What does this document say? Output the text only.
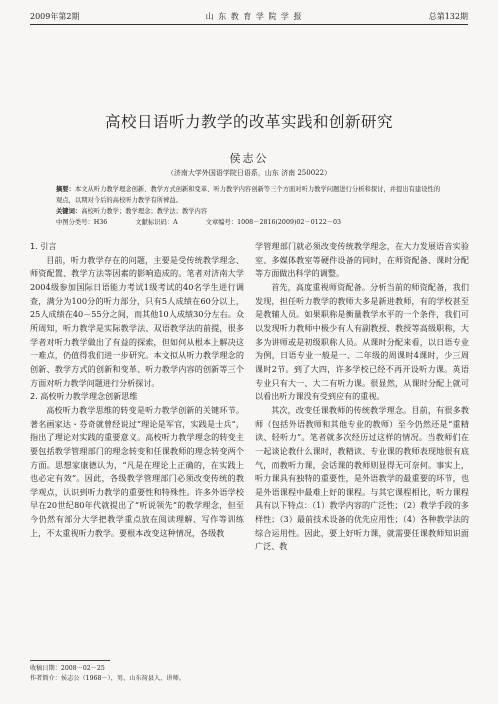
2009年第2期	山 东 教 育 学 院 学 报	总第132期
高校日语听力教学的改革实践和创新研究
侯志公
（济南大学外国语学院日语系，山东 济南 250022）
摘要：本文从听力教学理念创新、教学方式创新和变革、听力教学内容创新等三个方面对听力教学问题进行分析和探讨，并提出有建设性的观点，以期对今后的高校听力教学有所裨益。
关键词：高校听力教学；教学理念；教学法；教学内容
中图分类号：H36	文献标识码：A	文章编号：1008－2816(2009)02－0122－03
1. 引言

目前，听力教学存在的问题，主要是受传统教学理念、师资配置、教学方法等因素的影响造成的。笔者对济南大学2004级参加国际日语能力考试1级考试的40名学生进行调查，满分为100分的听力部分，只有5人成绩在60分以上，25人成绩在40－55分之间，而其他10人成绩30分左右。众所周知，听力教学是实际教学法、双语教学法的前提，很多学者对听力教学做出了有益的探索，但如何从根本上解决这一难点，仍值得我们进一步研究。本文拟从听力教学理念的创新、教学方式的创新和变革、听力教学内容的创新等三个方面对听力教学问题进行分析探讨。

2. 高校听力教学理念创新思维

高校听力教学思维的转变是听力教学创新的关键环节。著名画家达・芬奇就曾经说过“理论是军官，实践是士兵”，指出了理论对实践的重要意义。高校听力教学理念的转变主要包括教学管理部门的理念转变和任课教师的理念转变两个方面。思想家康德认为，“凡是在理论上正确的，在实践上也必定有效”。因此，各级教学管理部门必须改变传统的教学观点，认识到听力教学的重要性和特殊性。许多外语学校早在20世纪80年代就提出了“听说领先”的教学理念，但至今仍然有部分大学把教学重点放在阅读理解、写作等训练上，不太重视听力教学。要根本改变这种情况，各级教

学管理部门就必须改变传统教学理念，在大力发展语音实验室、多媒体教室等硬件设备的同时，在师资配备、课时分配等方面做出科学的调整。

首先，高度重视师资配备。分析当前的师资配备，我们发现，担任听力教学的教师大多是新进教师，有的学校甚至是教辅人员。如果职称是衡量教学水平的一个条件，我们可以发现听力教师中极少有人有副教授、教授等高级职称，大多为讲师或是初级职称人员。从课时分配来看，以日语专业为例，日语专业一般是一、二年级的周课时4课时，少三周课时2节。到了大四，许多学校已经不再开设听力课。英语专业只有大一、大二有听力课。很显然，从课时分配上就可以看出听力课没有受到应有的重视。

其次，改变任课教师的传统教学理念。目前，有很多教师（包括外语教师和其他专业的教师）至今仍然还是“重精读、轻听力”。笔者就多次经历过这样的情况。当教师们在一起谈论教什么课时，教精读、专业课的教师表现地很有底气，而教听力课，会话课的教师则显得无可奈何。事实上，听力课具有独特的重要性，是外语教学的最重要的环节，也是外语课程中最难上好的课程。与其它课程相比，听力课程具有以下特点：（1）教学内容的广泛性；（2）教学手段的多样性；（3）最前技术设备的优先应用性；（4）各种教学法的综合运用性。因此，要上好听力课，就需要任课教师知识面广泛、教

收稿日期：2008－02－25
作者简介：侯志公（1968－），男，山东荷县人，讲师。
